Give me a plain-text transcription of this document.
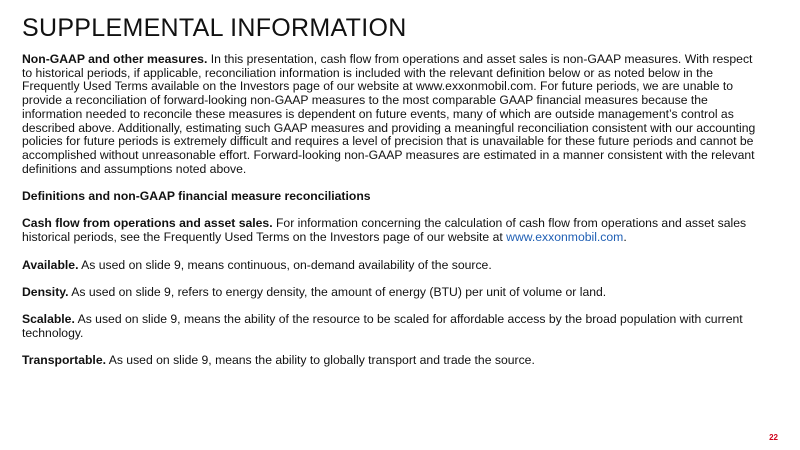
SUPPLEMENTAL INFORMATION

Non-GAAP and other measures. In this presentation, cash flow from operations and asset sales is non-GAAP measures. With respect to historical periods, if applicable, reconciliation information is included with the relevant definition below or as noted below in the Frequently Used Terms available on the Investors page of our website at www.exxonmobil.com. For future periods, we are unable to provide a reconciliation of forward-looking non-GAAP measures to the most comparable GAAP financial measures because the information needed to reconcile these measures is dependent on future events, many of which are outside management’s control as described above. Additionally, estimating such GAAP measures and providing a meaningful reconciliation consistent with our accounting policies for future periods is extremely difficult and requires a level of precision that is unavailable for these future periods and cannot be accomplished without unreasonable effort. Forward-looking non-GAAP measures are estimated in a manner consistent with the relevant definitions and assumptions noted above.

Definitions and non-GAAP financial measure reconciliations

Cash flow from operations and asset sales. For information concerning the calculation of cash flow from operations and asset sales historical periods, see the Frequently Used Terms on the Investors page of our website at www.exxonmobil.com.

Available. As used on slide 9, means continuous, on-demand availability of the source.

Density. As used on slide 9, refers to energy density, the amount of energy (BTU) per unit of volume or land.

Scalable. As used on slide 9, means the ability of the resource to be scaled for affordable access by the broad population with current technology.

Transportable. As used on slide 9, means the ability to globally transport and trade the source.

22
